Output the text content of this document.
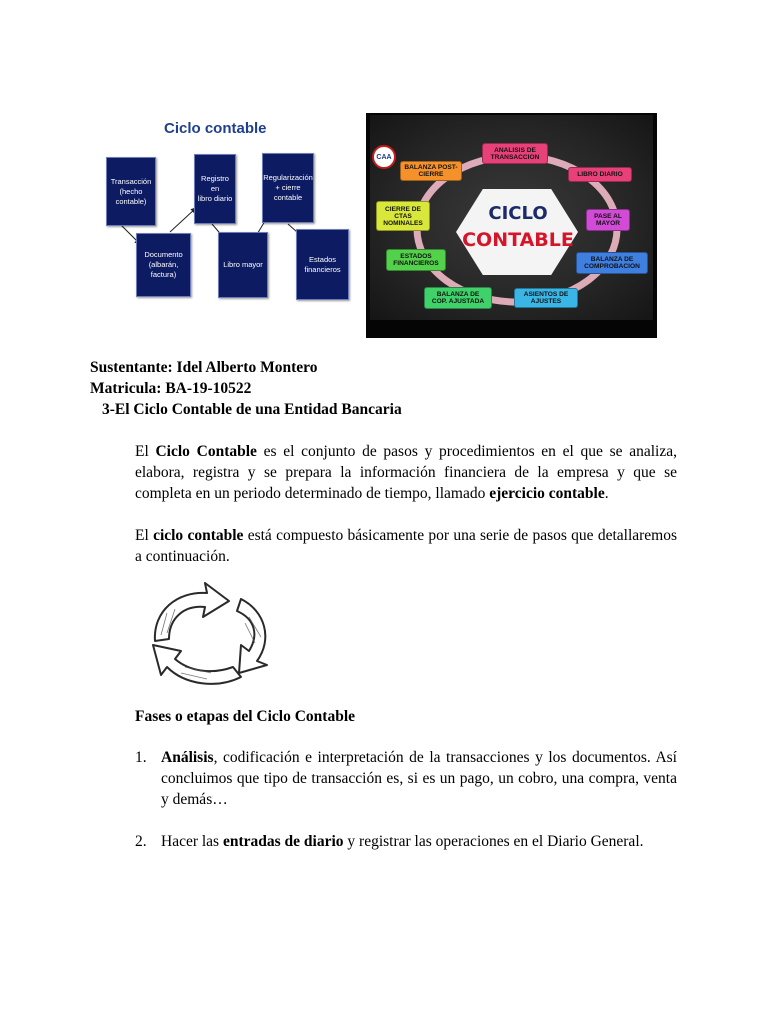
Ciclo contable
Transacción
(hecho
contable)
Registro en
libro diario
Regularización
+ cierre
contable
Documento
(albarán,
factura)
Libro mayor
Estados
financieros
CAA
CICLO
CONTABLE
ANALISIS DE
TRANSACCION
LIBRO DIARIO
PASE AL
MAYOR
BALANZA DE
COMPROBACION
ASIENTOS DE
AJUSTES
BALANZA DE
COP. AJUSTADA
ESTADOS
FINANCIEROS
CIERRE DE
CTAS
NOMINALES
BALANZA POST-
CIERRE
Sustentante: Idel Alberto Montero
Matricula: BA-19-10522
3-El Ciclo Contable de una Entidad Bancaria
El Ciclo Contable es el conjunto de pasos y procedimientos en el que se analiza, elabora, registra y se prepara la información financiera de la empresa y que se completa en un periodo determinado de tiempo, llamado ejercicio contable.
El ciclo contable está compuesto básicamente por una serie de pasos que detallaremos a continuación.
Fases o etapas del Ciclo Contable
1. Análisis, codificación e interpretación de la transacciones y los documentos. Así concluimos que tipo de transacción es, si es un pago, un cobro, una compra, venta y demás…
2. Hacer las entradas de diario y registrar las operaciones en el Diario General.
